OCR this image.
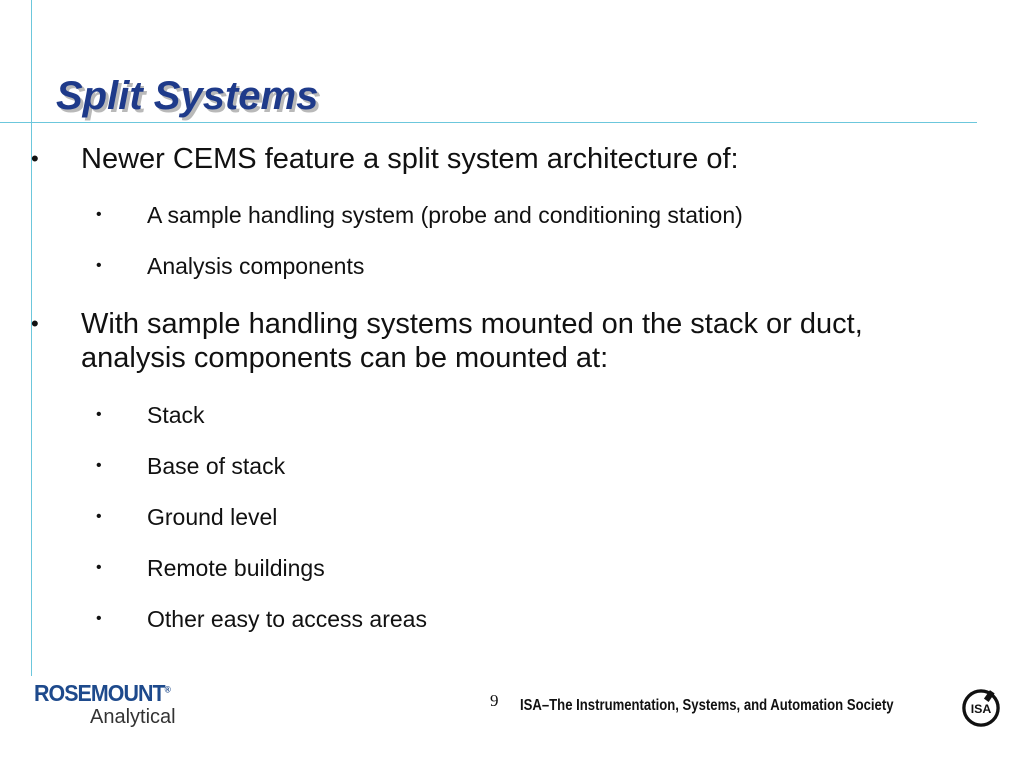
Split Systems
• Newer CEMS feature a split system architecture of:
• A sample handling system (probe and conditioning station)
• Analysis components
• With sample handling systems mounted on the stack or duct, analysis components can be mounted at:
• Stack
• Base of stack
• Ground level
• Remote buildings
• Other easy to access areas
ROSEMOUNT®
Analytical
9 ISA–The Instrumentation, Systems, and Automation Society	ISA
